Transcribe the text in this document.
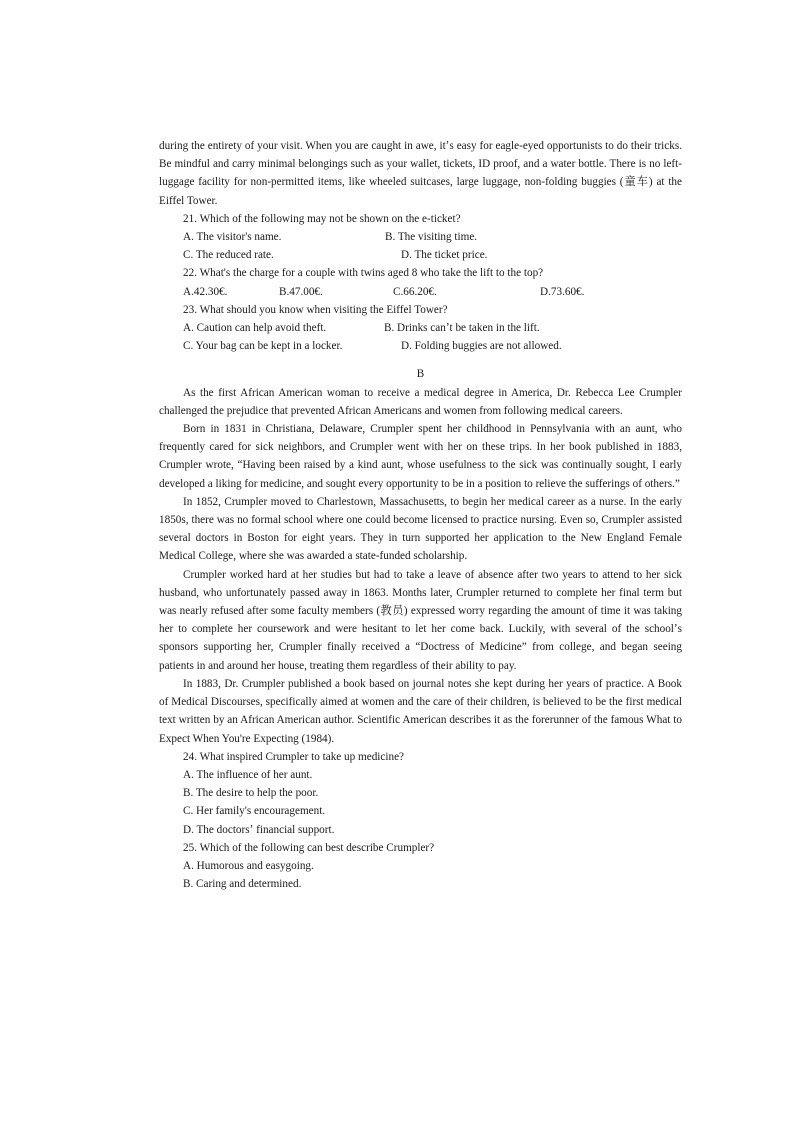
during the entirety of your visit. When you are caught in awe, itʼs easy for eagle-eyed opportunists to do their tricks. Be mindful and carry minimal belongings such as your wallet, tickets, ID proof, and a water bottle. There is no left-luggage facility for non-permitted items, like wheeled suitcases, large luggage, non-folding buggies (童车) at the Eiffel Tower.

21. Which of the following may not be shown on the e-ticket?

A. The visitor's name.	B. The visiting time.
C. The reduced rate.	D. The ticket price.

22. What's the charge for a couple with twins aged 8 who take the lift to the top?

A.42.30€.	B.47.00€.	C.66.20€.	D.73.60€.

23. What should you know when visiting the Eiffel Tower?

A. Caution can help avoid theft.	B. Drinks canʼt be taken in the lift.
C. Your bag can be kept in a locker.	D. Folding buggies are not allowed.

B

As the first African American woman to receive a medical degree in America, Dr. Rebecca Lee Crumpler challenged the prejudice that prevented African Americans and women from following medical careers.

Born in 1831 in Christiana, Delaware, Crumpler spent her childhood in Pennsylvania with an aunt, who frequently cared for sick neighbors, and Crumpler went with her on these trips. In her book published in 1883, Crumpler wrote, “Having been raised by a kind aunt, whose usefulness to the sick was continually sought, I early developed a liking for medicine, and sought every opportunity to be in a position to relieve the sufferings of others.”

In 1852, Crumpler moved to Charlestown, Massachusetts, to begin her medical career as a nurse. In the early 1850s, there was no formal school where one could become licensed to practice nursing. Even so, Crumpler assisted several doctors in Boston for eight years. They in turn supported her application to the New England Female Medical College, where she was awarded a state-funded scholarship.

Crumpler worked hard at her studies but had to take a leave of absence after two years to attend to her sick husband, who unfortunately passed away in 1863. Months later, Crumpler returned to complete her final term but was nearly refused after some faculty members (教员) expressed worry regarding the amount of time it was taking her to complete her coursework and were hesitant to let her come back. Luckily, with several of the schoolʼs sponsors supporting her, Crumpler finally received a “Doctress of Medicine” from college, and began seeing patients in and around her house, treating them regardless of their ability to pay.

In 1883, Dr. Crumpler published a book based on journal notes she kept during her years of practice. A Book of Medical Discourses, specifically aimed at women and the care of their children, is believed to be the first medical text written by an African American author. Scientific American describes it as the forerunner of the famous What to Expect When You're Expecting (1984).

24. What inspired Crumpler to take up medicine?

A. The influence of her aunt.

B. The desire to help the poor.

C. Her family's encouragement.

D. The doctorsʼ financial support.

25. Which of the following can best describe Crumpler?

A. Humorous and easygoing.

B. Caring and determined.
